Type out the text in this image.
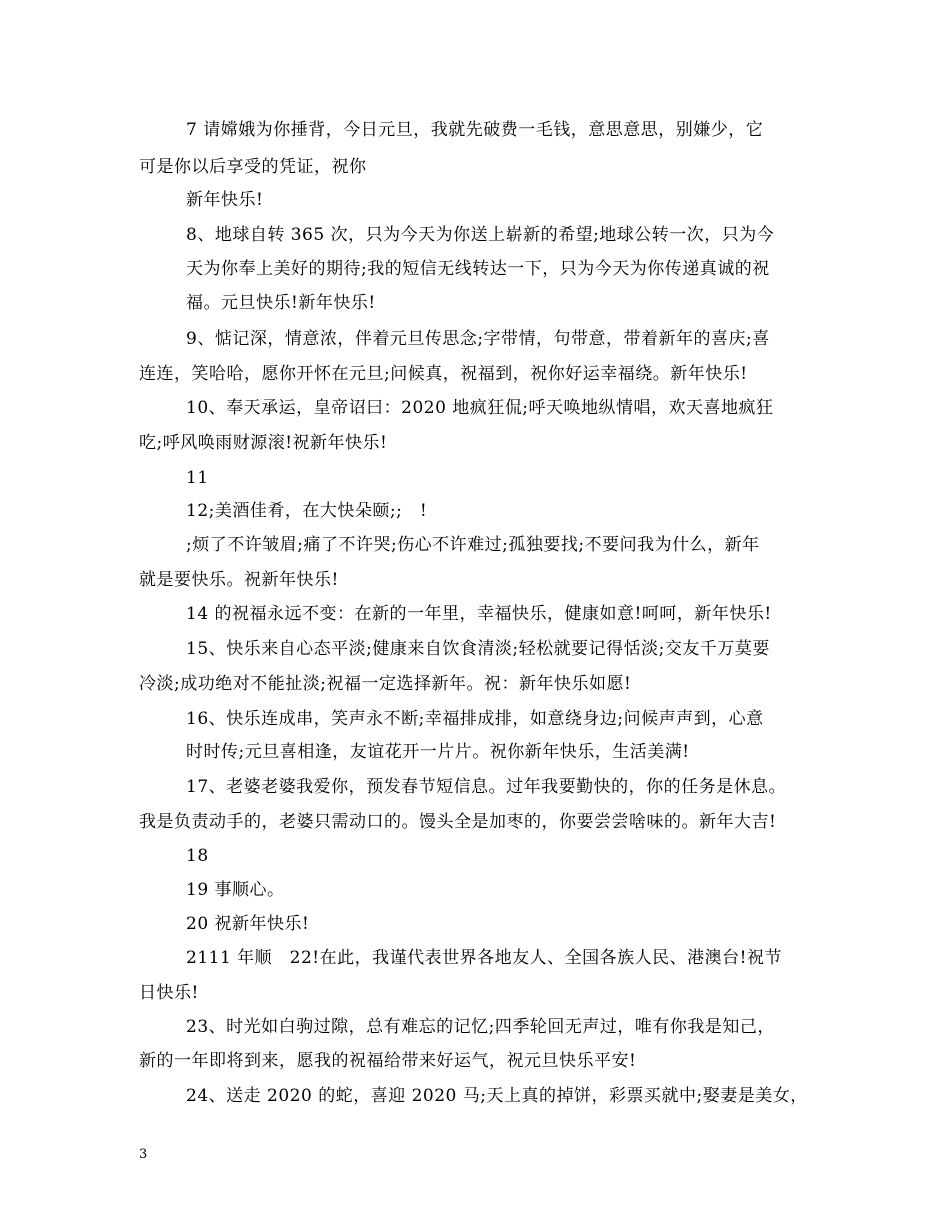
7 请嫦娥为你捶背，今日元旦，我就先破费一毛钱，意思意思，别嫌少，它
可是你以后享受的凭证，祝你
新年快乐!
8、地球自转 365 次，只为今天为你送上崭新的希望;地球公转一次，只为今
天为你奉上美好的期待;我的短信无线转达一下，只为今天为你传递真诚的祝
福。元旦快乐!新年快乐!
9、惦记深，情意浓，伴着元旦传思念;字带情，句带意，带着新年的喜庆;喜
连连，笑哈哈，愿你开怀在元旦;问候真，祝福到，祝你好运幸福绕。新年快乐!
10、奉天承运，皇帝诏曰：2020 地疯狂侃;呼天唤地纵情唱，欢天喜地疯狂
吃;呼风唤雨财源滚!祝新年快乐!
11
12;美酒佳肴，在大快朵颐;;　!
;烦了不许皱眉;痛了不许哭;伤心不许难过;孤独要找;不要问我为什么，新年
就是要快乐。祝新年快乐!
14 的祝福永远不变：在新的一年里，幸福快乐，健康如意!呵呵，新年快乐!
15、快乐来自心态平淡;健康来自饮食清淡;轻松就要记得恬淡;交友千万莫要
冷淡;成功绝对不能扯淡;祝福一定选择新年。祝：新年快乐如愿!
16、快乐连成串，笑声永不断;幸福排成排，如意绕身边;问候声声到，心意
时时传;元旦喜相逢，友谊花开一片片。祝你新年快乐，生活美满!
17、老婆老婆我爱你，预发春节短信息。过年我要勤快的，你的任务是休息。
我是负责动手的，老婆只需动口的。馒头全是加枣的，你要尝尝啥味的。新年大吉!
18
19 事顺心。
20 祝新年快乐!
2111 年顺　22!在此，我谨代表世界各地友人、全国各族人民、港澳台!祝节
日快乐!
23、时光如白驹过隙，总有难忘的记忆;四季轮回无声过，唯有你我是知己，
新的一年即将到来，愿我的祝福给带来好运气，祝元旦快乐平安!
24、送走 2020 的蛇，喜迎 2020 马;天上真的掉饼，彩票买就中;娶妻是美女，
3
